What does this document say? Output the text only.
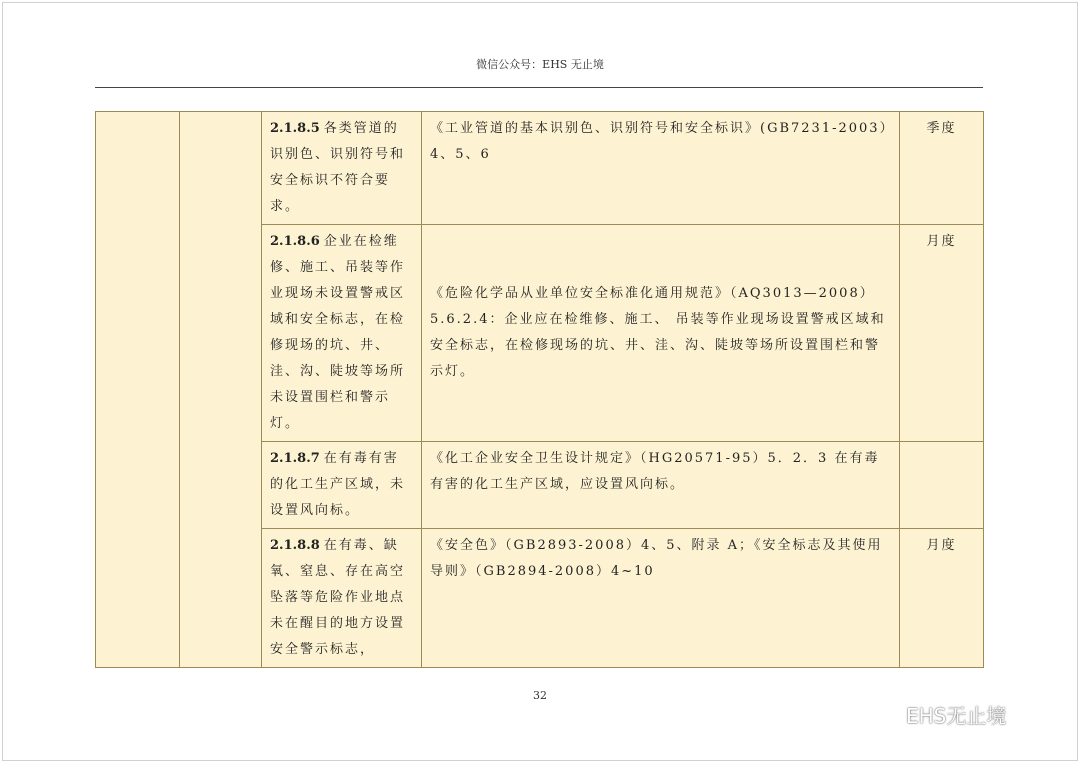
微信公众号：EHS 无止境
		2.1.8.5 各类管道的识别色、识别符号和安全标识不符合要求。	《工业管道的基本识别色、识别符号和安全标识》(GB7231-2003）4、5、6	季度
		2.1.8.6 企业在检维修、施工、吊装等作业现场未设置警戒区域和安全标志，在检修现场的坑、井、洼、沟、陡坡等场所未设置围栏和警示灯。	《危险化学品从业单位安全标准化通用规范》（AQ3013—2008）5.6.2.4：企业应在检维修、施工、 吊装等作业现场设置警戒区域和安全标志，在检修现场的坑、井、洼、沟、陡坡等场所设置围栏和警示灯。	月度
		2.1.8.7 在有毒有害的化工生产区域，未设置风向标。	《化工企业安全卫生设计规定》（HG20571-95）5．2．3 在有毒有害的化工生产区域，应设置风向标。	
		2.1.8.8 在有毒、缺氧、窒息、存在高空坠落等危险作业地点未在醒目的地方设置安全警示标志，	《安全色》（GB2893-2008）4、5、附录 A；《安全标志及其使用导则》（GB2894-2008）4~10	月度
32
EHS无止境
